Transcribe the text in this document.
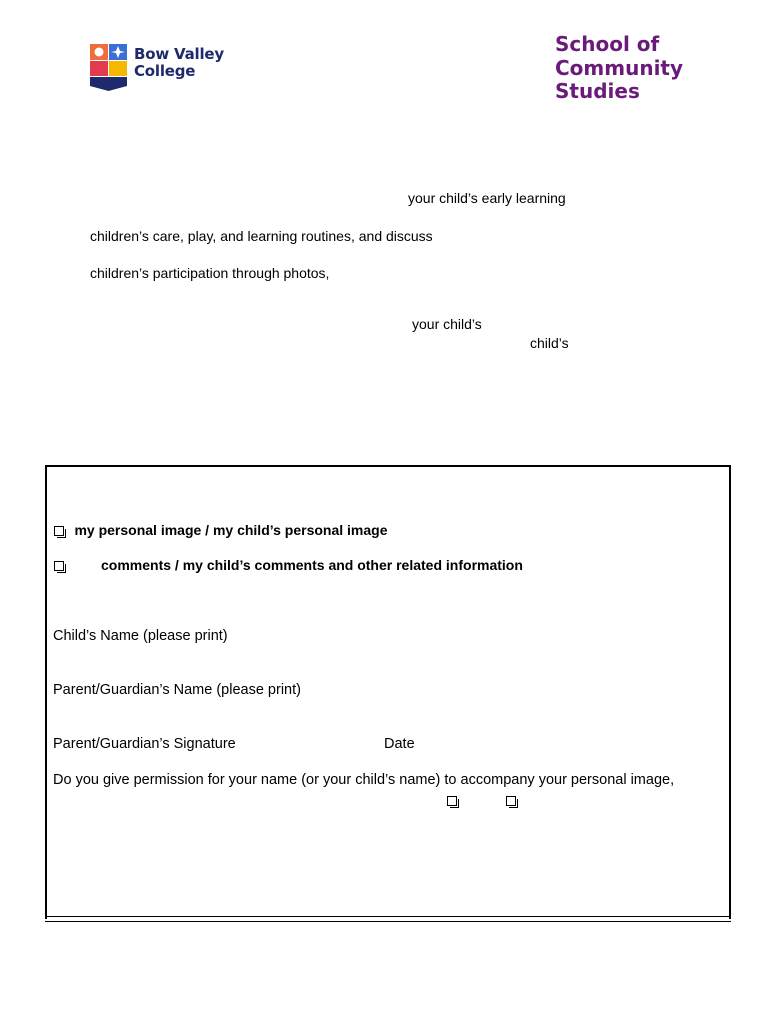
Bow Valley
College
School of
Community
Studies
your child’s early learning
children’s care, play, and learning routines, and discuss
children’s participation through photos,
your child’s
child’s
my personal image / my child’s personal image
comments / my child’s comments and other related information
Child’s Name (please print)
Parent/Guardian’s Name (please print)
Parent/Guardian’s Signature	Date
Do you give permission for your name (or your child’s name) to accompany your personal image,
